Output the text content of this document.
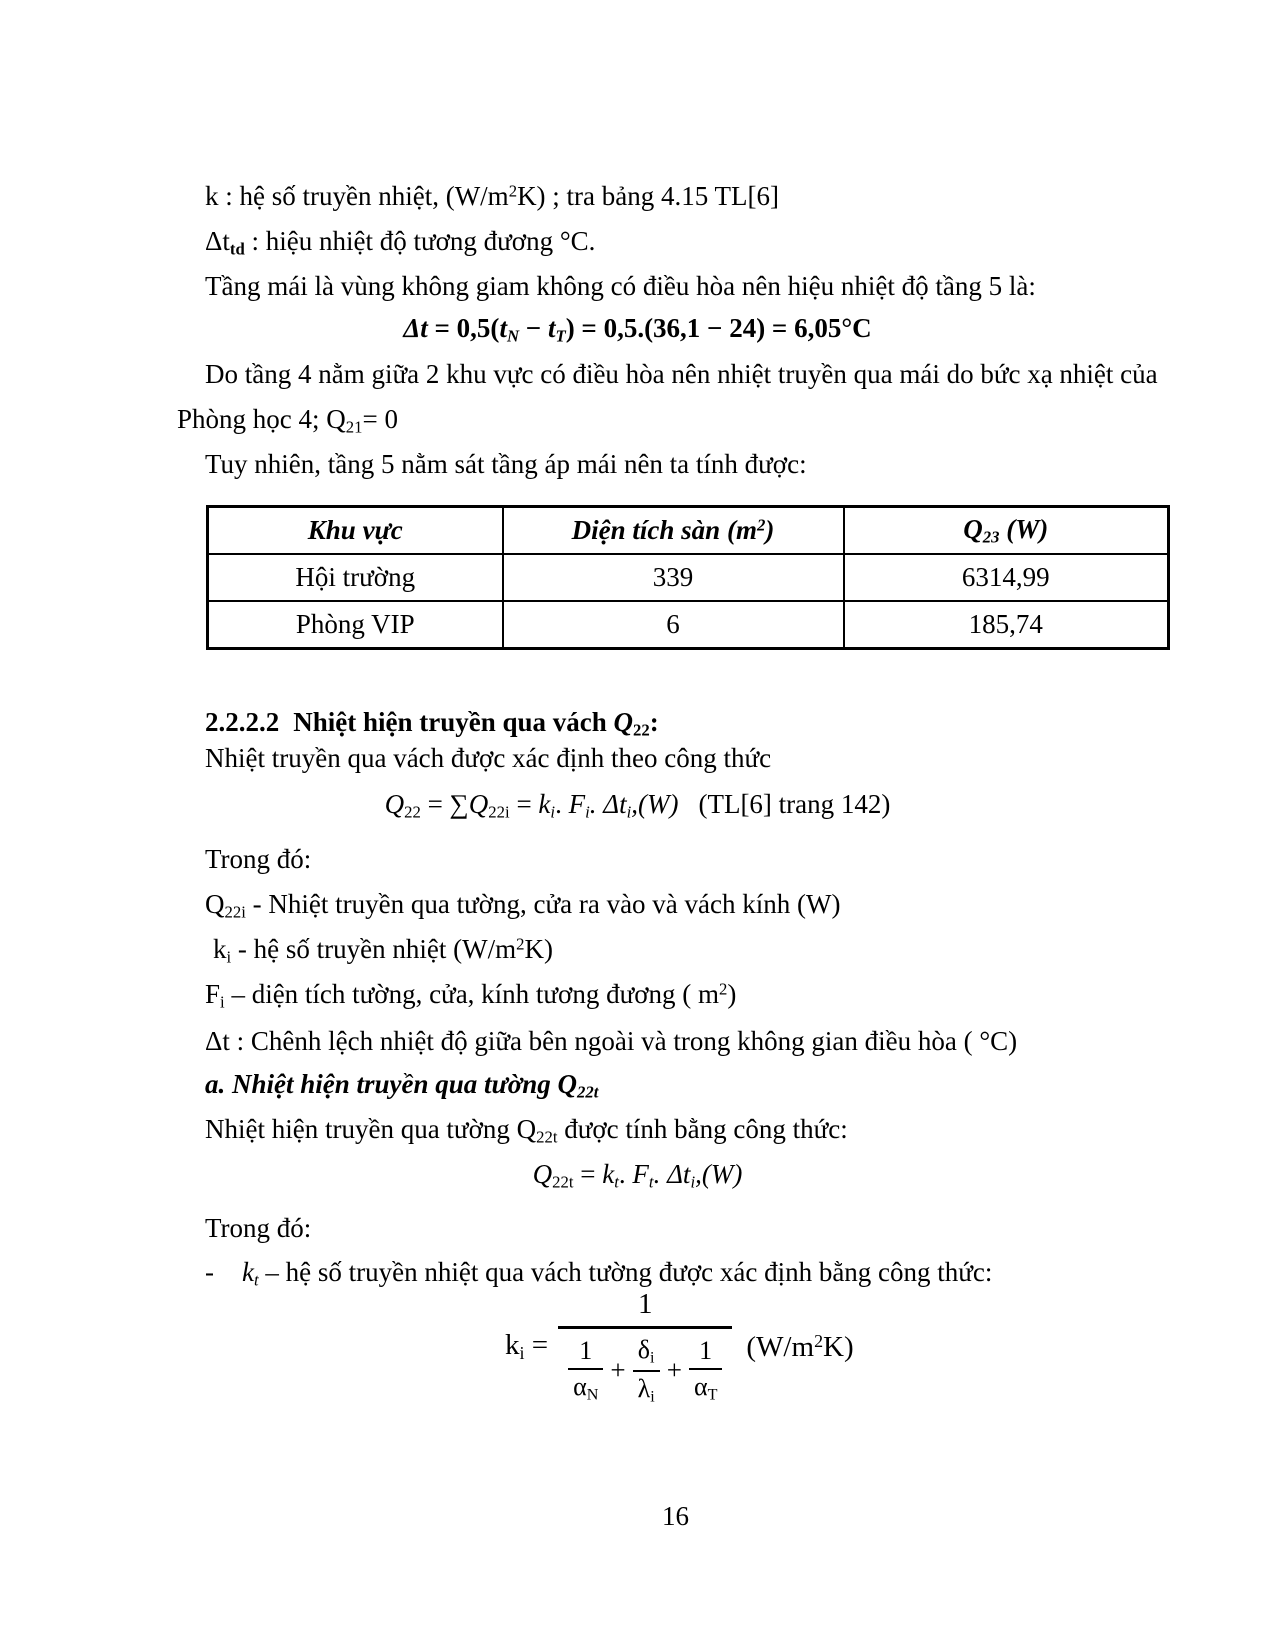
k : hệ số truyền nhiệt, $(W/m^2K)$ ; tra bảng 4.15 TL[6]
Δttd : hiệu nhiệt độ tương đương °C.
Tầng mái là vùng không giam không có điều hòa nên hiệu nhiệt độ tầng 5 là:
Δt = 0,5(tN − tT) = 0,5.(36,1 − 24) = 6,05°C
Do tầng 4 nằm giữa 2 khu vực có điều hòa nên nhiệt truyền qua mái do bức xạ nhiệt của
Phòng học 4; Q21= 0
Tuy nhiên, tầng 5 nằm sát tầng áp mái nên ta tính được:
Khu vực	Diện tích sàn $(m^2)$	Q23 (W)
Hội trường	339	6314,99
Phòng VIP	6	185,74
2.2.2.2 Nhiệt hiện truyền qua vách Q22:
Nhiệt truyền qua vách được xác định theo công thức
Q22 = ∑Q22i = ki. Fi. Δti,(W) (TL[6] trang 142)
Trong đó:
Q22i - Nhiệt truyền qua tường, cửa ra vào và vách kính (W)
ki - hệ số truyền nhiệt $(W/m^2K)$
Fi – diện tích tường, cửa, kính tương đương ( $m^2$)
Δt : Chênh lệch nhiệt độ giữa bên ngoài và trong không gian điều hòa ( °C)
a. Nhiệt hiện truyền qua tường Q22t
Nhiệt hiện truyền qua tường Q22t được tính bằng công thức:
Q22t = kt. Ft. Δti,(W)
Trong đó:
- kt – hệ số truyền nhiệt qua vách tường được xác định bằng công thức:
ki =
1
$\frac{1}{\alpha N} + \frac{\delta i}{\lambda i} + \frac{1}{\alpha T} (W/m^2K)$
16
